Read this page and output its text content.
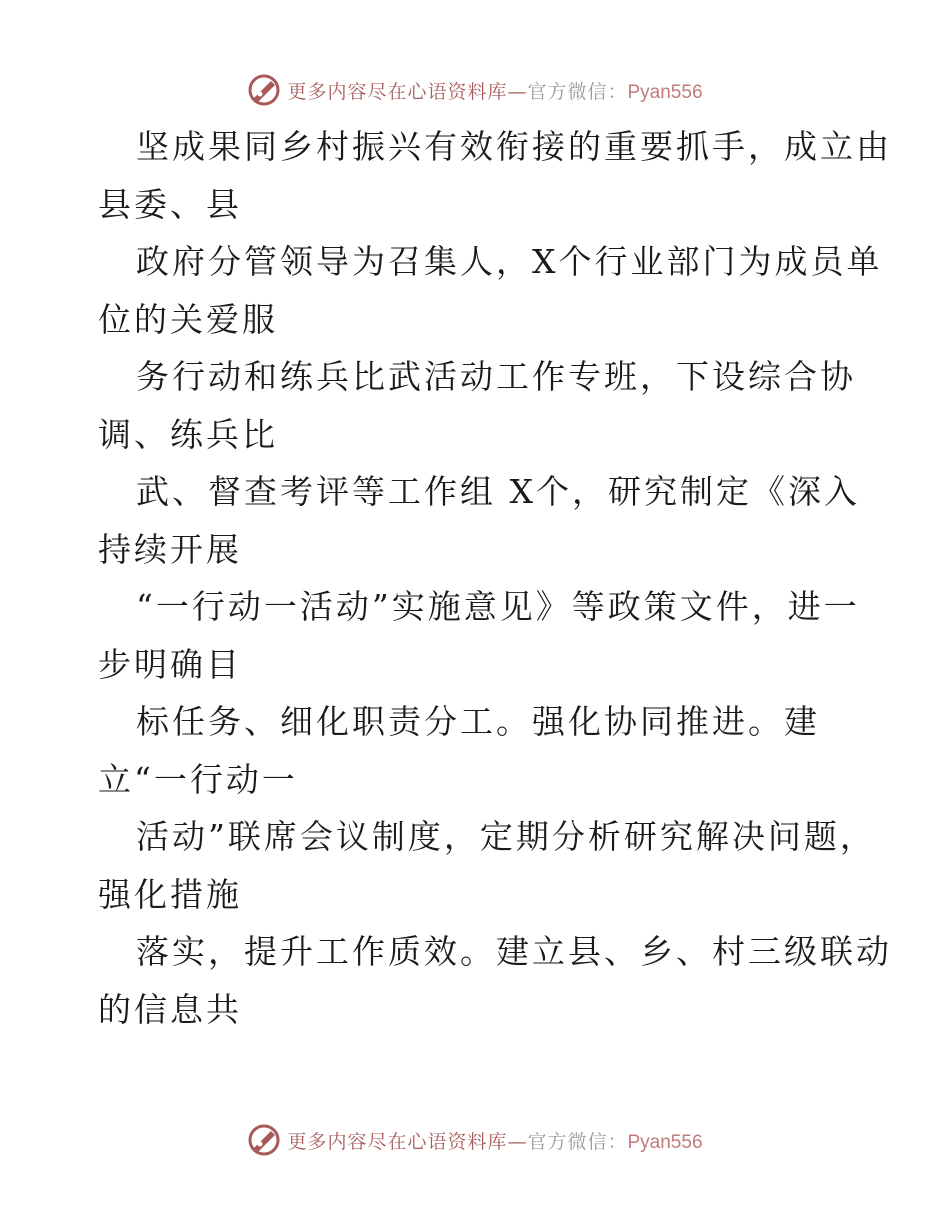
更多内容尽在心语资料库—官方微信：Pyan556

坚成果同乡村振兴有效衔接的重要抓手，成立由

县委、县

政府分管领导为召集人，X个行业部门为成员单

位的关爱服

务行动和练兵比武活动工作专班，下设综合协

调、练兵比

武、督查考评等工作组 X个，研究制定《深入

持续开展

“一行动一活动”实施意见》等政策文件，进一

步明确目

标任务、细化职责分工。强化协同推进。建

立“一行动一

活动”联席会议制度，定期分析研究解决问题，

强化措施

落实，提升工作质效。建立县、乡、村三级联动

的信息共

更多内容尽在心语资料库—官方微信：Pyan556
